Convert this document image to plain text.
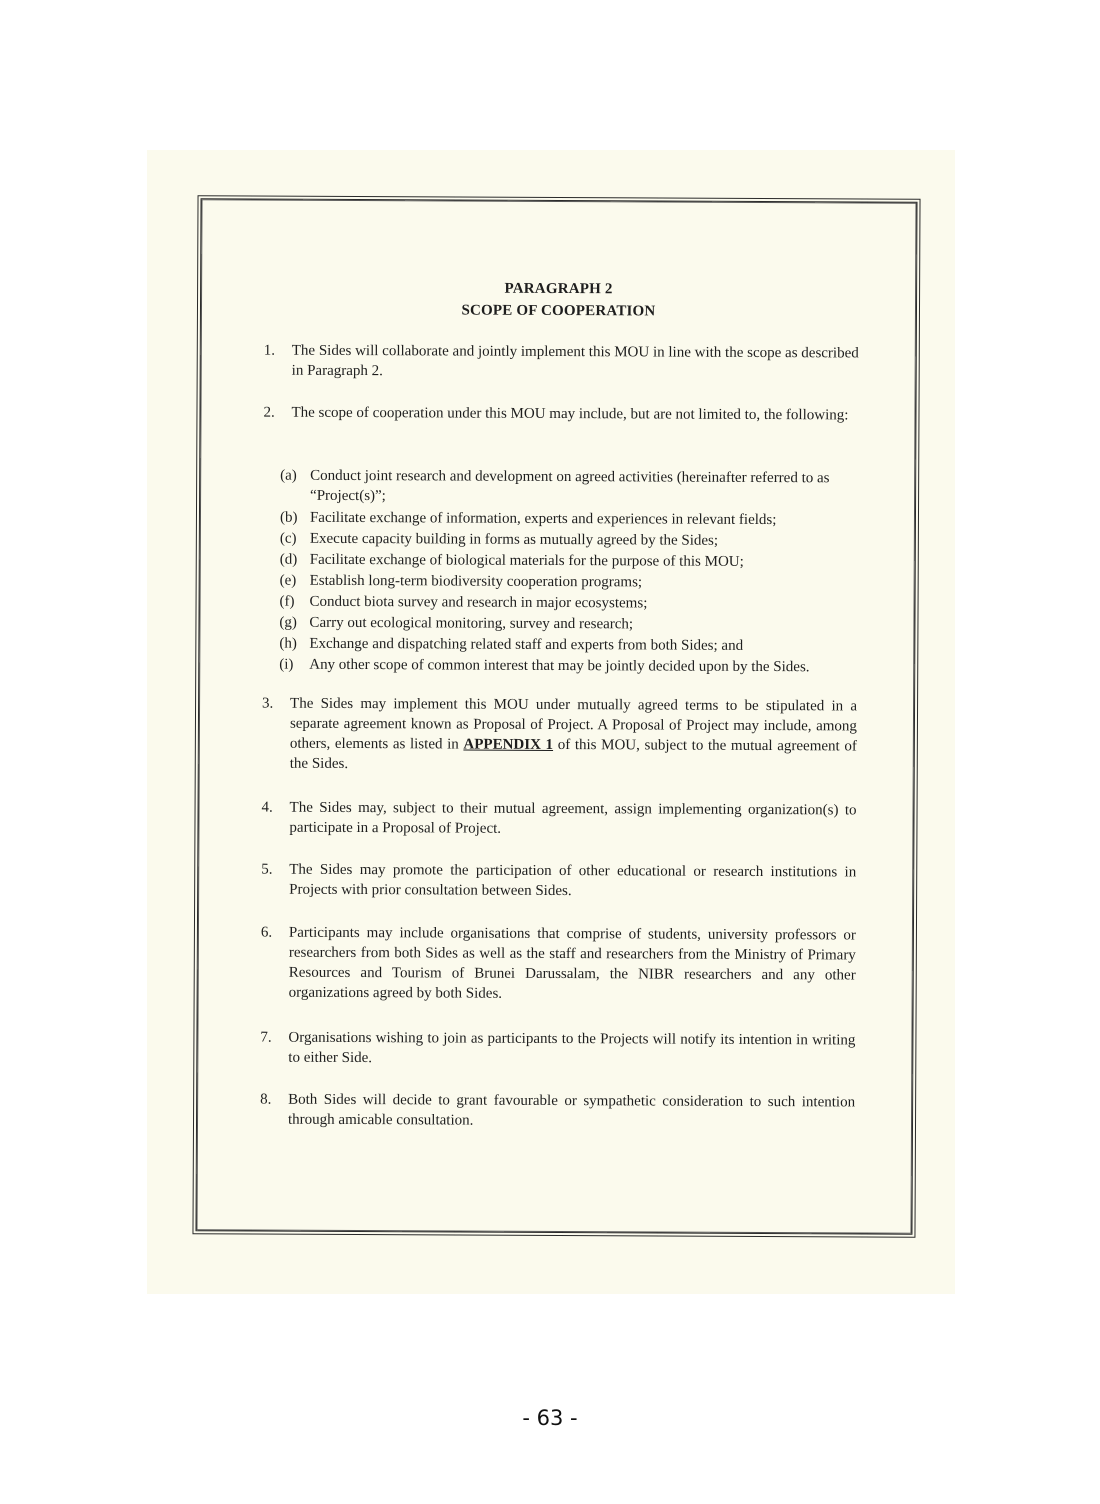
PARAGRAPH 2
SCOPE OF COOPERATION
1.	The Sides will collaborate and jointly implement this MOU in line with the scope as described in Paragraph 2.
2.	The scope of cooperation under this MOU may include, but are not limited to, the following:
(a) Conduct joint research and development on agreed activities (hereinafter referred to as “Project(s)”;
(b) Facilitate exchange of information, experts and experiences in relevant fields;
(c) Execute capacity building in forms as mutually agreed by the Sides;
(d) Facilitate exchange of biological materials for the purpose of this MOU;
(e) Establish long-term biodiversity cooperation programs;
(f) Conduct biota survey and research in major ecosystems;
(g) Carry out ecological monitoring, survey and research;
(h) Exchange and dispatching related staff and experts from both Sides; and
(i)	Any other scope of common interest that may be jointly decided upon by the Sides.
3.	The Sides may implement this MOU under mutually agreed terms to be stipulated in a separate agreement known as Proposal of Project. A Proposal of Project may include, among others, elements as listed in APPENDIX 1 of this MOU, subject to the mutual agreement of the Sides.
4.	The Sides may, subject to their mutual agreement, assign implementing organization(s) to participate in a Proposal of Project.
5.	The Sides may promote the participation of other educational or research institutions in Projects with prior consultation between Sides.
6.	Participants may include organisations that comprise of students, university professors or researchers from both Sides as well as the staff and researchers from the Ministry of Primary Resources and Tourism of Brunei Darussalam, the NIBR researchers and any other organizations agreed by both Sides.
7.	Organisations wishing to join as participants to the Projects will notify its intention in writing to either Side.
8.	Both Sides will decide to grant favourable or sympathetic consideration to such intention through amicable consultation.
- 63 -
